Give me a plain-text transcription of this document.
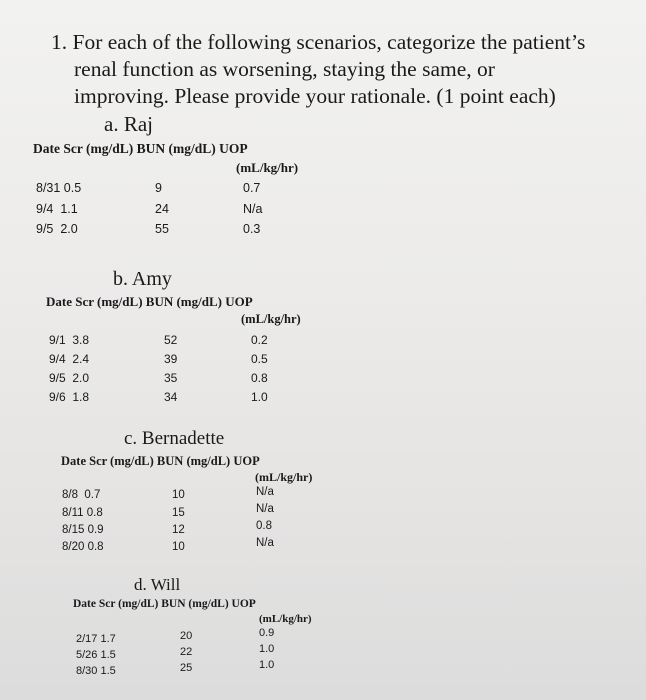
1. For each of the following scenarios, categorize the patient’s
renal function as worsening, staying the same, or
improving. Please provide your rationale. (1 point each)
a. Raj
Date Scr (mg/dL) BUN (mg/dL) UOP
(mL/kg/hr)
8/31 0.5	9	0.7
9/4  1.1	24	N/a
9/5  2.0	55	0.3
b. Amy
Date Scr (mg/dL) BUN (mg/dL) UOP
(mL/kg/hr)
9/1  3.8	52	0.2
9/4  2.4	39	0.5
9/5  2.0	35	0.8
9/6  1.8	34	1.0
c. Bernadette
Date Scr (mg/dL) BUN (mg/dL) UOP
(mL/kg/hr)
8/8  0.7	10	N/a
8/11 0.8	15	N/a
8/15 0.9	12	0.8
8/20 0.8	10	N/a
d. Will
Date Scr (mg/dL) BUN (mg/dL) UOP
(mL/kg/hr)
2/17 1.7	20	0.9
5/26 1.5	22	1.0
8/30 1.5	25	1.0
